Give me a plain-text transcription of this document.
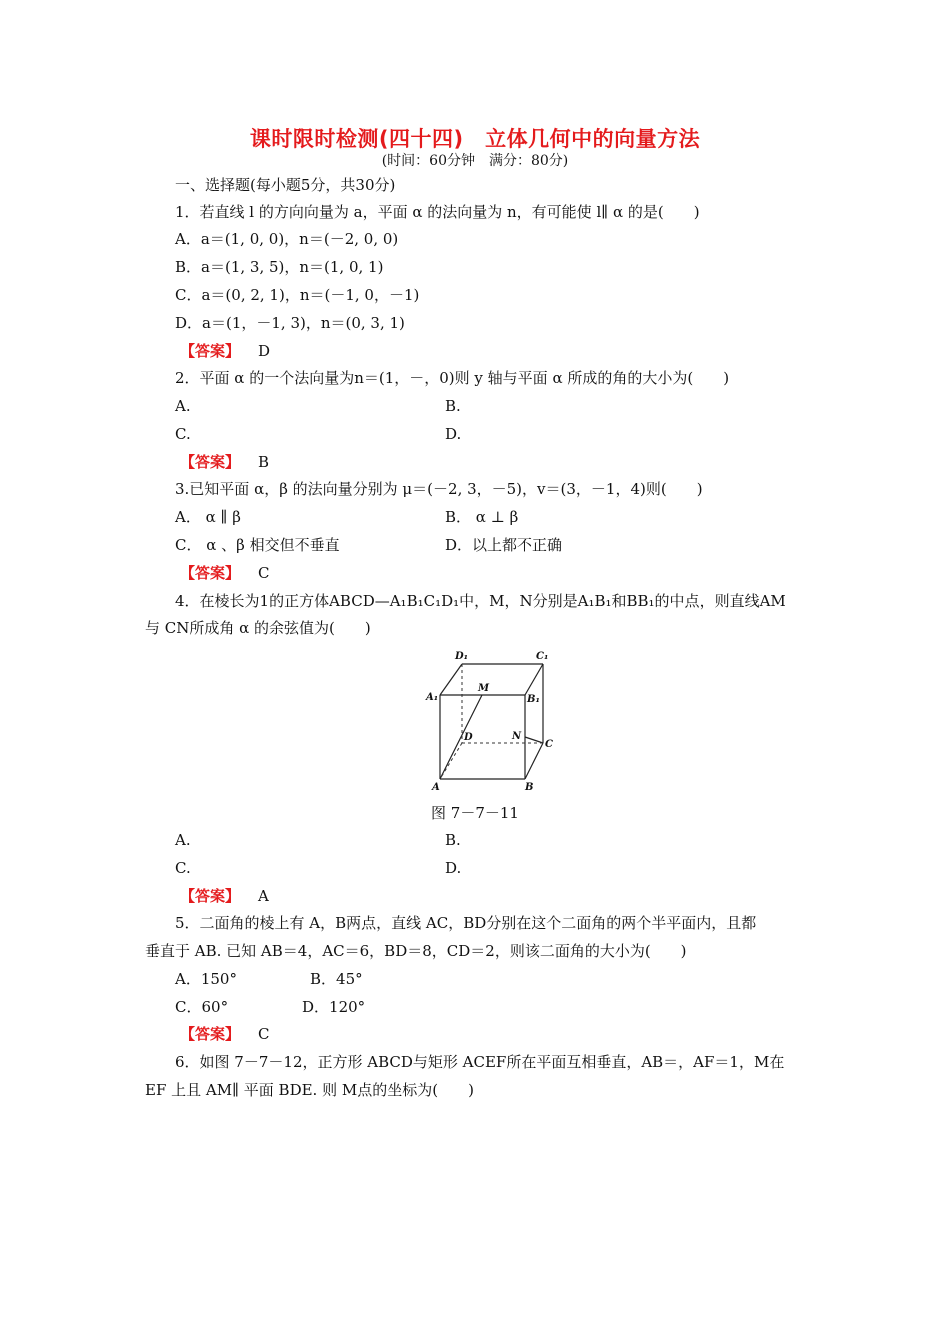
课时限时检测(四十四)　立体几何中的向量方法
(时间：60分钟　满分：80分)
一、选择题(每小题5分，共30分)
1．若直线 l 的方向向量为 a，平面 α 的法向量为 n，有可能使 l∥ α 的是(　　)
A．a＝(1, 0, 0)，n＝(－2, 0, 0)
B．a＝(1, 3, 5)，n＝(1, 0, 1)
C．a＝(0, 2, 1)，n＝(－1, 0，－1)
D．a＝(1，－1, 3)，n＝(0, 3, 1)
【答案】 D
2．平面 α 的一个法向量为n＝(1，－，0)则 y 轴与平面 α 所成的角的大小为(　　)
A.	B.
C.	D.
【答案】 B
3.已知平面 α，β 的法向量分别为 μ＝(－2, 3，－5)，v＝(3，－1，4)则(　　)
A． α ∥ β	B． α ⊥ β
C． α 、β 相交但不垂直	D．以上都不正确
【答案】 C
4．在棱长为1的正方体ABCD—A₁B₁C₁D₁中，M，N分别是A₁B₁和BB₁的中点，则直线AM
与 CN所成角 α 的余弦值为(　　)
D₁	C₁
A₁
M
B₁
D	N
C
A	B
图 7－7－11
A.	B.
C.	D.
【答案】 A
5．二面角的棱上有 A，B两点，直线 AC，BD分别在这个二面角的两个半平面内，且都
垂直于 AB. 已知 AB＝4，AC＝6，BD＝8，CD＝2，则该二面角的大小为(　　)
A．150°	B．45°
C．60°	D．120°
【答案】 C
6．如图 7－7－12，正方形 ABCD与矩形 ACEF所在平面互相垂直，AB＝，AF＝1，M在
EF 上且 AM∥ 平面 BDE. 则 M点的坐标为(　　)
